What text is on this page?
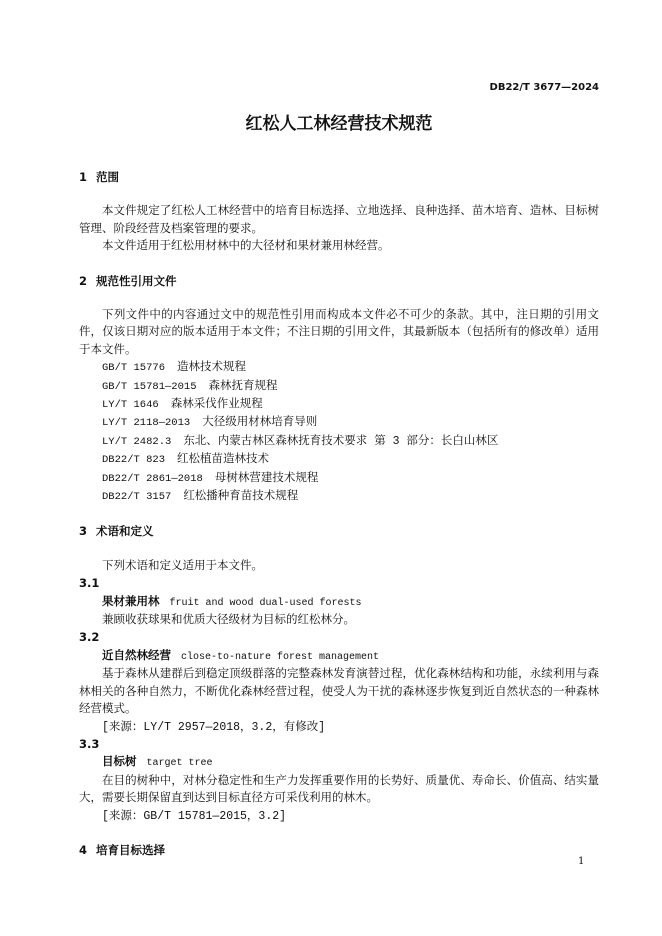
DB22/T 3677—2024
红松人工林经营技术规范
1 范围

本文件规定了红松人工林经营中的培育目标选择、立地选择、良种选择、苗木培育、造林、目标树管理、阶段经营及档案管理的要求。

本文件适用于红松用材林中的大径材和果材兼用林经营。

2 规范性引用文件

下列文件中的内容通过文中的规范性引用而构成本文件必不可少的条款。其中，注日期的引用文件，仅该日期对应的版本适用于本文件；不注日期的引用文件，其最新版本（包括所有的修改单）适用于本文件。

GB/T 15776 造林技术规程
GB/T 15781—2015 森林抚育规程
LY/T 1646 森林采伐作业规程
LY/T 2118—2013 大径级用材林培育导则
LY/T 2482.3 东北、内蒙古林区森林抚育技术要求 第 3 部分：长白山林区
DB22/T 823 红松植苗造林技术
DB22/T 2861—2018 母树林营建技术规程
DB22/T 3157 红松播种育苗技术规程
3 术语和定义

下列术语和定义适用于本文件。

3.1
果材兼用林 fruit and wood dual-used forests

兼顾收获球果和优质大径级材为目标的红松林分。

3.2
近自然林经营 close-to-nature forest management

基于森林从建群后到稳定顶级群落的完整森林发育演替过程，优化森林结构和功能，永续利用与森林相关的各种自然力，不断优化森林经营过程，使受人为干扰的森林逐步恢复到近自然状态的一种森林经营模式。

[来源：LY/T 2957—2018，3.2，有修改]
3.3
目标树 target tree

在目的树种中，对林分稳定性和生产力发挥重要作用的长势好、质量优、寿命长、价值高、结实量大，需要长期保留直到达到目标直径方可采伐利用的林木。

[来源：GB/T 15781—2015，3.2]
4 培育目标选择
1
